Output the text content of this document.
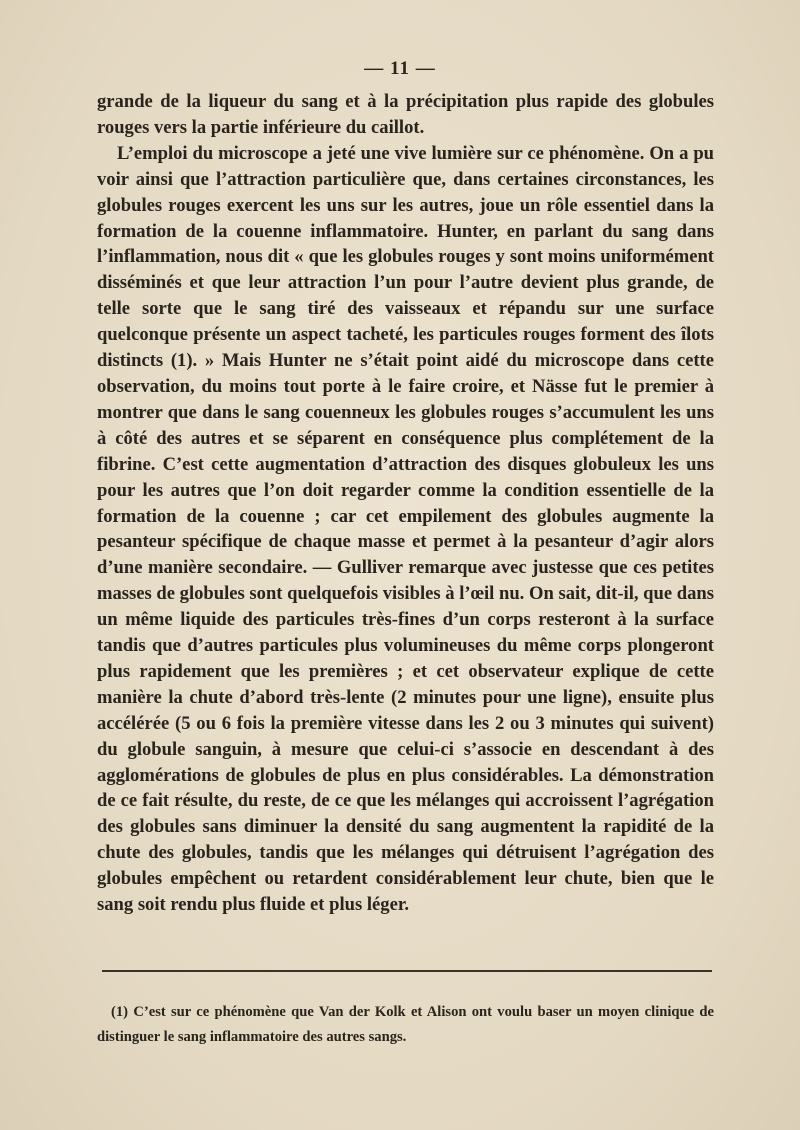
— 11 —

grande de la liqueur du sang et à la précipitation plus rapide des globules rouges vers la partie inférieure du caillot.

L’emploi du microscope a jeté une vive lumière sur ce phénomène. On a pu voir ainsi que l’attraction particulière que, dans certaines circonstances, les globules rouges exercent les uns sur les autres, joue un rôle essentiel dans la formation de la couenne inflammatoire. Hunter, en parlant du sang dans l’inflammation, nous dit « que les globules rouges y sont moins uniformément disséminés et que leur attraction l’un pour l’autre devient plus grande, de telle sorte que le sang tiré des vaisseaux et répandu sur une surface quelconque présente un aspect tacheté, les particules rouges forment des îlots distincts (1). » Mais Hunter ne s’était point aidé du microscope dans cette observation, du moins tout porte à le faire croire, et Nässe fut le premier à montrer que dans le sang couenneux les globules rouges s’accumulent les uns à côté des autres et se séparent en conséquence plus complétement de la fibrine. C’est cette augmentation d’attraction des disques globuleux les uns pour les autres que l’on doit regarder comme la condition essentielle de la formation de la couenne ; car cet empilement des globules augmente la pesanteur spécifique de chaque masse et permet à la pesanteur d’agir alors d’une manière secondaire. — Gulliver remarque avec justesse que ces petites masses de globules sont quelquefois visibles à l’œil nu. On sait, dit-il, que dans un même liquide des particules très-fines d’un corps resteront à la surface tandis que d’autres particules plus volumineuses du même corps plongeront plus rapidement que les premières ; et cet observateur explique de cette manière la chute d’abord très-lente (2 minutes pour une ligne), ensuite plus accélérée (5 ou 6 fois la première vitesse dans les 2 ou 3 minutes qui suivent) du globule sanguin, à mesure que celui-ci s’associe en descendant à des agglomérations de globules de plus en plus considérables. La démonstration de ce fait résulte, du reste, de ce que les mélanges qui accroissent l’agrégation des globules sans diminuer la densité du sang augmentent la rapidité de la chute des globules, tandis que les mélanges qui détruisent l’agrégation des globules empêchent ou retardent considérablement leur chute, bien que le sang soit rendu plus fluide et plus léger.

(1) C’est sur ce phénomène que Van der Kolk et Alison ont voulu baser un moyen clinique de distinguer le sang inflammatoire des autres sangs.
